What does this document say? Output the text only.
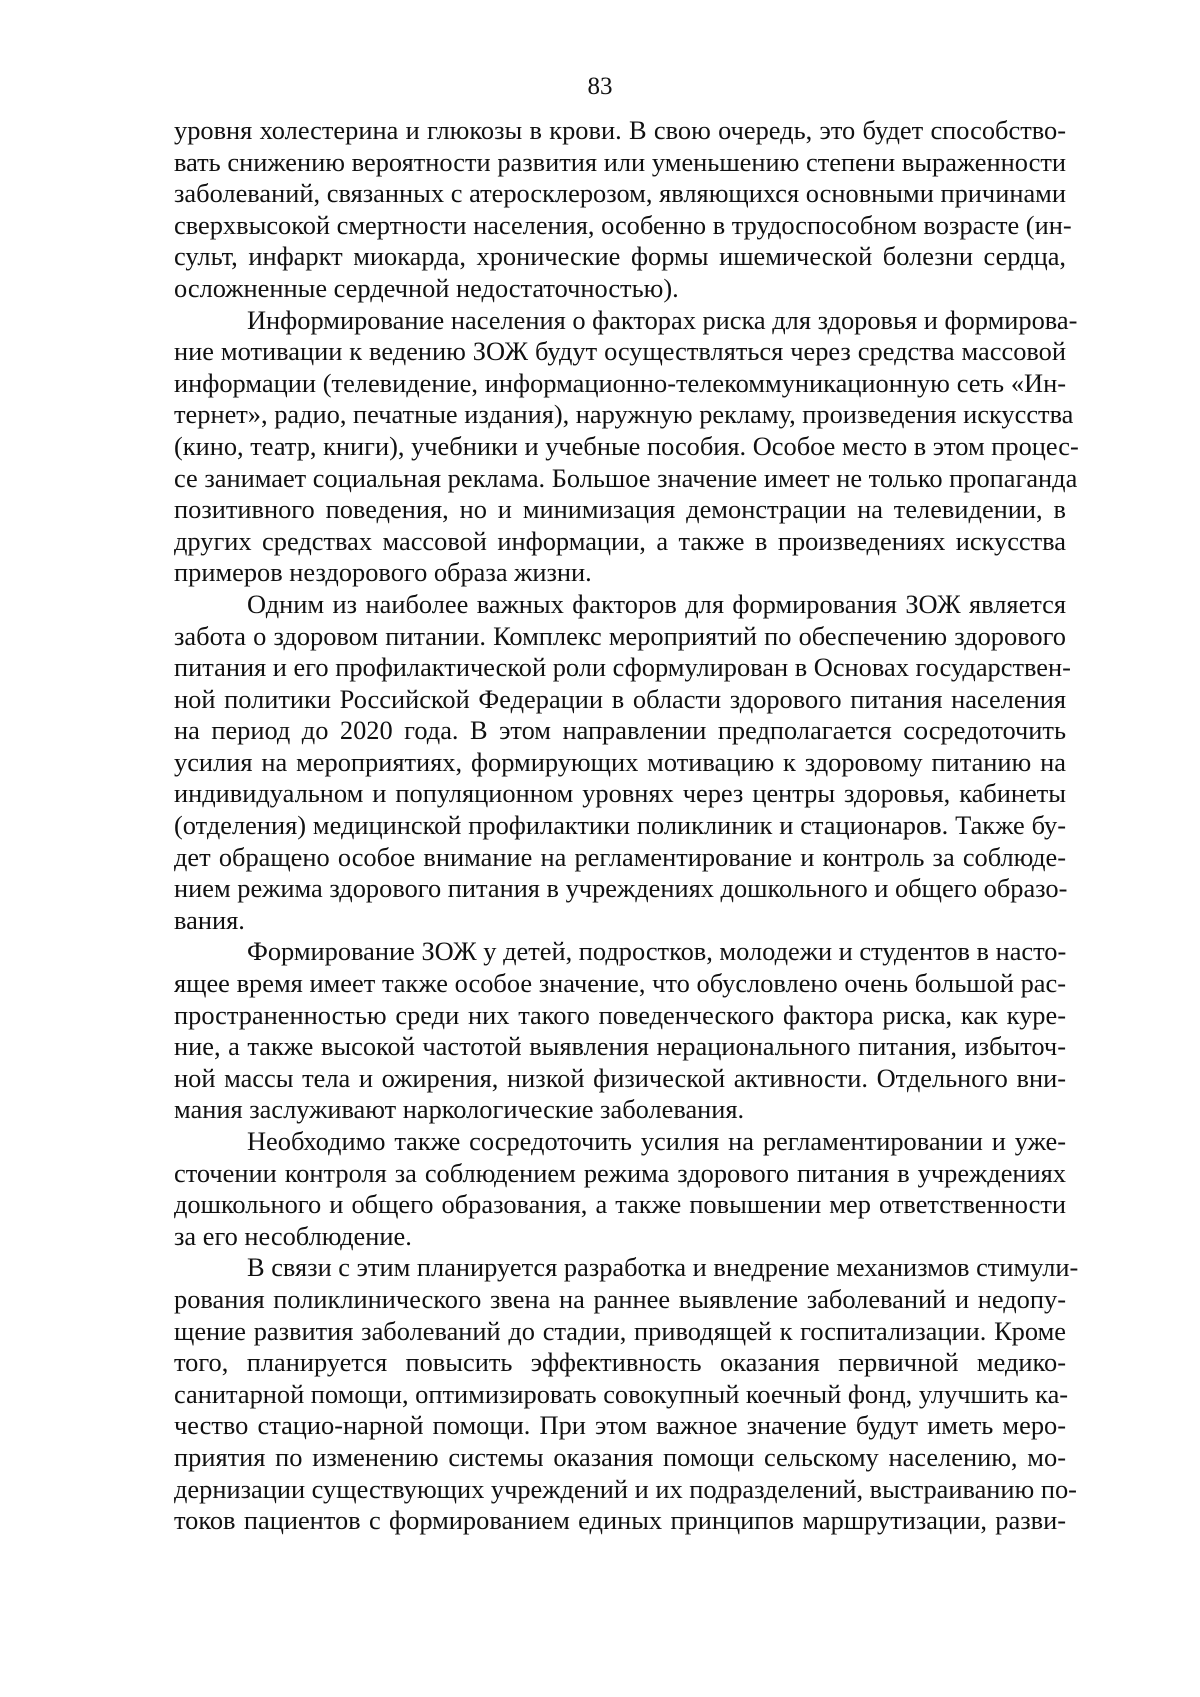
83
уровня холестерина и глюкозы в крови. В свою очередь, это будет способство-
вать снижению вероятности развития или уменьшению степени выраженности
заболеваний, связанных с атеросклерозом, являющихся основными причинами
сверхвысокой смертности населения, особенно в трудоспособном возрасте (ин-
сульт, инфаркт миокарда, хронические формы ишемической болезни сердца,
осложненные сердечной недостаточностью).
Информирование населения о факторах риска для здоровья и формирова-
ние мотивации к ведению ЗОЖ будут осуществляться через средства массовой
информации (телевидение, информационно-телекоммуникационную сеть «Ин-
тернет», радио, печатные издания), наружную рекламу, произведения искусства
(кино, театр, книги), учебники и учебные пособия. Особое место в этом процес-
се занимает социальная реклама. Большое значение имеет не только пропаганда
позитивного поведения, но и минимизация демонстрации на телевидении, в
других средствах массовой информации, а также в произведениях искусства
примеров нездорового образа жизни.
Одним из наиболее важных факторов для формирования ЗОЖ является
забота о здоровом питании. Комплекс мероприятий по обеспечению здорового
питания и его профилактической роли сформулирован в Основах государствен-
ной политики Российской Федерации в области здорового питания населения
на период до 2020 года. В этом направлении предполагается сосредоточить
усилия на мероприятиях, формирующих мотивацию к здоровому питанию на
индивидуальном и популяционном уровнях через центры здоровья, кабинеты
(отделения) медицинской профилактики поликлиник и стационаров. Также бу-
дет обращено особое внимание на регламентирование и контроль за соблюде-
нием режима здорового питания в учреждениях дошкольного и общего образо-
вания.
Формирование ЗОЖ у детей, подростков, молодежи и студентов в насто-
ящее время имеет также особое значение, что обусловлено очень большой рас-
пространенностью среди них такого поведенческого фактора риска, как куре-
ние, а также высокой частотой выявления нерационального питания, избыточ-
ной массы тела и ожирения, низкой физической активности. Отдельного вни-
мания заслуживают наркологические заболевания.
Необходимо также сосредоточить усилия на регламентировании и уже-
сточении контроля за соблюдением режима здорового питания в учреждениях
дошкольного и общего образования, а также повышении мер ответственности
за его несоблюдение.
В связи с этим планируется разработка и внедрение механизмов стимули-
рования поликлинического звена на раннее выявление заболеваний и недопу-
щение развития заболеваний до стадии, приводящей к госпитализации. Кроме
того, планируется повысить эффективность оказания первичной медико-
санитарной помощи, оптимизировать совокупный коечный фонд, улучшить ка-
чество стацио-нарной помощи. При этом важное значение будут иметь меро-
приятия по изменению системы оказания помощи сельскому населению, мо-
дернизации существующих учреждений и их подразделений, выстраиванию по-
токов пациентов с формированием единых принципов маршрутизации, разви-
